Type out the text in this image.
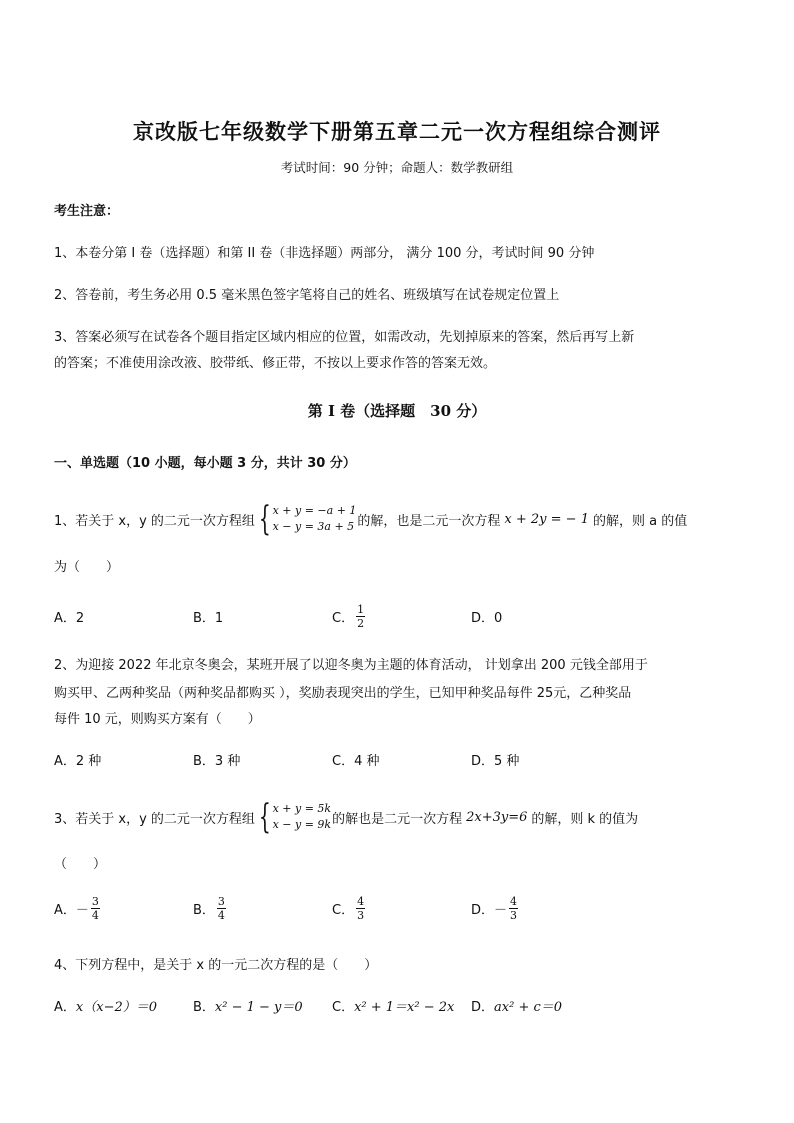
京改版七年级数学下册第五章二元一次方程组综合测评
考试时间：90 分钟；命题人：数学教研组
考生注意：
1、本卷分第 I 卷（选择题）和第 II 卷（非选择题）两部分， 满分 100 分，考试时间 90 分钟
2、答卷前，考生务必用 0.5 毫米黑色签字笔将自己的姓名、班级填写在试卷规定位置上
3、答案必须写在试卷各个题目指定区域内相应的位置，如需改动，先划掉原来的答案，然后再写上新
的答案；不准使用涂改液、胶带纸、修正带，不按以上要求作答的答案无效。
第 I 卷（选择题　30 分）
一、单选题（10 小题，每小题 3 分，共计 30 分）
1、若关于 x，y 的二元一次方程组 { x + y = −a + 1
x − y = 3a + 5 的解，也是二元一次方程 x + 2y = − 1 的解，则 a 的值
为（　　）
A．2	B．1	C． $\frac{1}{2}$	D．0
2、为迎接 2022 年北京冬奥会，某班开展了以迎冬奥为主题的体育活动， 计划拿出 200 元钱全部用于
购买甲、乙两种奖品（两种奖品都购买 ），奖励表现突出的学生，已知甲种奖品每件 25元，乙种奖品
每件 10 元，则购买方案有（　　）
A．2 种	B．3 种	C．4 种	D．5 种
3、若关于 x，y 的二元一次方程组 { x + y = 5k
x − y = 9k 的解也是二元一次方程 2x+3y=6 的解，则 k 的值为
（　　）
A．－ $\frac{3}{4}$	B． $\frac{3}{4}$	C． $\frac{4}{3}$	D．－ $\frac{4}{3}$
4、下列方程中，是关于 x 的一元二次方程的是（　　）
A． x（x−2）＝0	B． x² − 1 − y＝0 C． x² + 1＝x² − 2x D． ax² + c＝0
